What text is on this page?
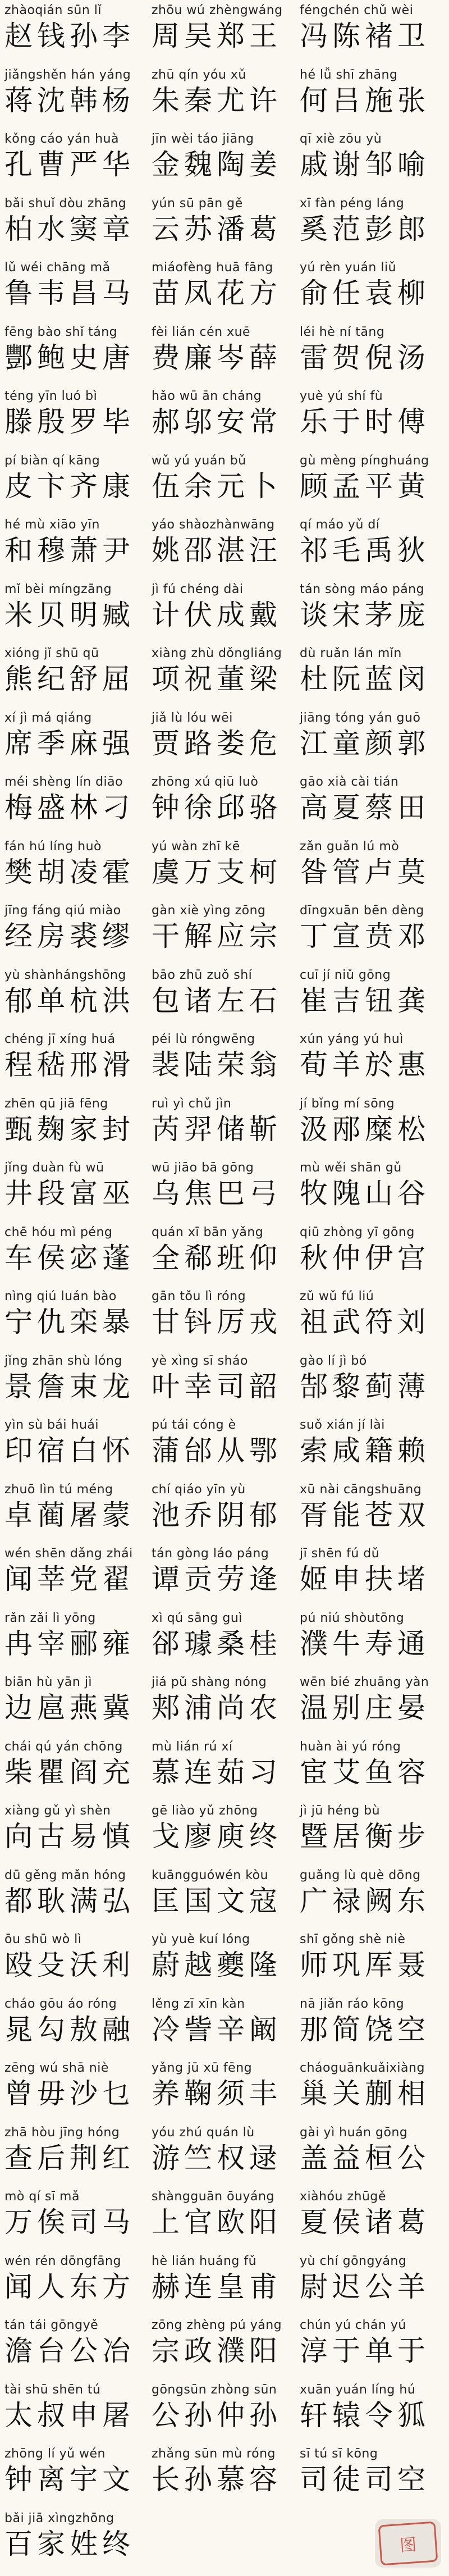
zhàoqián sūn lǐ
赵钱孙李
zhōu wú zhèngwáng
周吴郑王
féngchén chǔ wèi
冯陈褚卫
jiǎngshěn hán yáng
蒋沈韩杨
zhū qín yóu xǔ
朱秦尤许
hé lǚ shī zhāng
何吕施张
kǒng cáo yán huà
孔曹严华
jīn wèi táo jiāng
金魏陶姜
qī xiè zōu yù
戚谢邹喻
bǎi shuǐ dòu zhāng
柏水窦章
yún sū pān gě
云苏潘葛
xī fàn péng láng
奚范彭郎
lǔ wéi chāng mǎ
鲁韦昌马
miáofèng huā fāng
苗凤花方
yú rèn yuán liǔ
俞任袁柳
fēng bào shǐ táng
酆鲍史唐
fèi lián cén xuē
费廉岑薛
léi hè ní tāng
雷贺倪汤
téng yīn luó bì
滕殷罗毕
hǎo wū ān cháng
郝邬安常
yuè yú shí fù
乐于时傅
pí biàn qí kāng
皮卞齐康
wǔ yú yuán bǔ
伍余元卜
gù mèng pínghuáng
顾孟平黄
hé mù xiāo yīn
和穆萧尹
yáo shàozhànwāng
姚邵湛汪
qí máo yǔ dí
祁毛禹狄
mǐ bèi míngzāng
米贝明臧
jì fú chéng dài
计伏成戴
tán sòng máo páng
谈宋茅庞
xióng jǐ shū qū
熊纪舒屈
xiàng zhù dǒngliáng
项祝董梁
dù ruǎn lán mǐn
杜阮蓝闵
xí jì má qiáng
席季麻强
jiǎ lù lóu wēi
贾路娄危
jiāng tóng yán guō
江童颜郭
méi shèng lín diāo
梅盛林刁
zhōng xú qiū luò
钟徐邱骆
gāo xià cài tián
高夏蔡田
fán hú líng huò
樊胡凌霍
yú wàn zhī kē
虞万支柯
zǎn guǎn lú mò
昝管卢莫
jīng fáng qiú miào
经房裘缪
gàn xiè yìng zōng
干解应宗
dīngxuān bēn dèng
丁宣贲邓
yù shànhángshōng
郁单杭洪
bāo zhū zuǒ shí
包诸左石
cuī jí niǔ gōng
崔吉钮龚
chéng jī xíng huá
程嵇邢滑
péi lù róngwēng
裴陆荣翁
xún yáng yú huì
荀羊於惠
zhēn qū jiā fēng
甄麹家封
ruì yì chǔ jìn
芮羿储靳
jí bǐng mí sōng
汲邴糜松
jǐng duàn fù wū
井段富巫
wū jiāo bā gōng
乌焦巴弓
mù wěi shān gǔ
牧隗山谷
chē hóu mì péng
车侯宓蓬
quán xī bān yǎng
全郗班仰
qiū zhòng yī gōng
秋仲伊宫
nìng qiú luán bào
宁仇栾暴
gān tǒu lì róng
甘钭厉戎
zǔ wǔ fú liú
祖武符刘
jǐng zhān shù lóng
景詹束龙
yè xìng sī sháo
叶幸司韶
gào lí jì bó
郜黎蓟薄
yìn sù bái huái
印宿白怀
pú tái cóng è
蒲邰从鄂
suǒ xián jí lài
索咸籍赖
zhuō lìn tú méng
卓蔺屠蒙
chí qiáo yīn yù
池乔阴郁
xū nài cāngshuāng
胥能苍双
wén shēn dǎng zhái
闻莘党翟
tán gòng láo páng
谭贡劳逄
jī shēn fú dǔ
姬申扶堵
rǎn zǎi lì yōng
冉宰郦雍
xì qú sāng guì
郤璩桑桂
pú niú shòutōng
濮牛寿通
biān hù yān jì
边扈燕冀
jiá pǔ shàng nóng
郏浦尚农
wēn bié zhuāng yàn
温别庄晏
chái qú yán chōng
柴瞿阎充
mù lián rú xí
慕连茹习
huàn ài yú róng
宦艾鱼容
xiàng gǔ yì shèn
向古易慎
gē liào yǔ zhōng
戈廖庾终
jì jū héng bù
暨居衡步
dū gěng mǎn hóng
都耿满弘
kuāngguówén kòu
匡国文寇
guǎng lù què dōng
广禄阙东
ōu shū wò lì
殴殳沃利
yù yuè kuí lóng
蔚越夔隆
shī gǒng shè niè
师巩厍聂
cháo gōu áo róng
晁勾敖融
lěng zī xīn kàn
冷訾辛阚
nā jiǎn ráo kōng
那简饶空
zēng wú shā niè
曾毋沙乜
yǎng jū xū fēng
养鞠须丰
cháoguānkuǎixiàng
巢关蒯相
zhā hòu jīng hóng
查后荆红
yóu zhú quán lù
游竺权逯
gài yì huán gōng
盖益桓公
mò qí sī mǎ
万俟司马
shàngguān ōuyáng
上官欧阳
xiàhóu zhūgě
夏侯诸葛
wén rén dōngfāng
闻人东方
hè lián huáng fǔ
赫连皇甫
yù chí gōngyáng
尉迟公羊
tán tái gōngyě
澹台公冶
zōng zhèng pú yáng
宗政濮阳
chún yú chán yú
淳于单于
tài shū shēn tú
太叔申屠
gōngsūn zhòng sūn
公孙仲孙
xuān yuán líng hú
轩辕令狐
zhōng lí yǔ wén
钟离宇文
zhǎng sūn mù róng
长孙慕容
sī tú sī kōng
司徒司空
bǎi jiā xìngzhōng
百家姓终	图
